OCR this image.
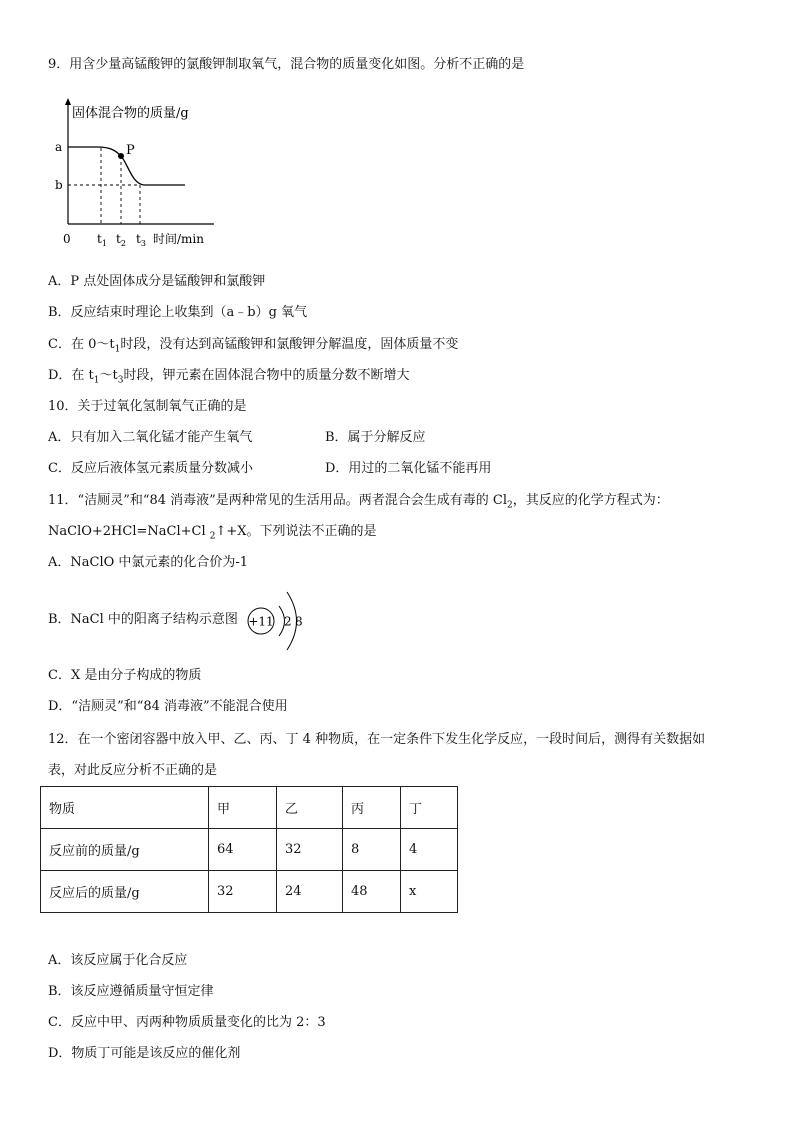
9．用含少量高锰酸钾的氯酸钾制取氧气，混合物的质量变化如图。分析不正确的是
固体混合物的质量/g
a
b
P
0 $t_1$ $t_2$ $t_3$ 时间/min
A．P 点处固体成分是锰酸钾和氯酸钾
B．反应结束时理论上收集到（a﹣b）g 氧气
C．在 $0\sim t_1$时段，没有达到高锰酸钾和氯酸钾分解温度，固体质量不变
D．在 $t_1\sim t_3$时段，钾元素在固体混合物中的质量分数不断增大
10．关于过氧化氢制氧气正确的是
A．只有加入二氧化锰才能产生氧气	B．属于分解反应
C．反应后液体氢元素质量分数减小	D．用过的二氧化锰不能再用
11．“洁厕灵”和“84 消毒液”是两种常见的生活用品。两者混合会生成有毒的 $Cl_2$，其反应的化学方程式为：
NaClO+2HCl=NaCl+Cl $_2$↑+X。下列说法不正确的是
A．NaClO 中氯元素的化合价为-1
B．NaCl 中的阳离子结构示意图 +11 2 8
C．X 是由分子构成的物质
D．“洁厕灵”和“84 消毒液”不能混合使用
12．在一个密闭容器中放入甲、乙、丙、丁 4 种物质，在一定条件下发生化学反应，一段时间后，测得有关数据如
表，对此反应分析不正确的是
物质	甲	乙	丙	丁
反应前的质量/g	64	32	8	4
反应后的质量/g	32	24	48	x
A．该反应属于化合反应
B．该反应遵循质量守恒定律
C．反应中甲、丙两种物质质量变化的比为 2：3
D．物质丁可能是该反应的催化剂
